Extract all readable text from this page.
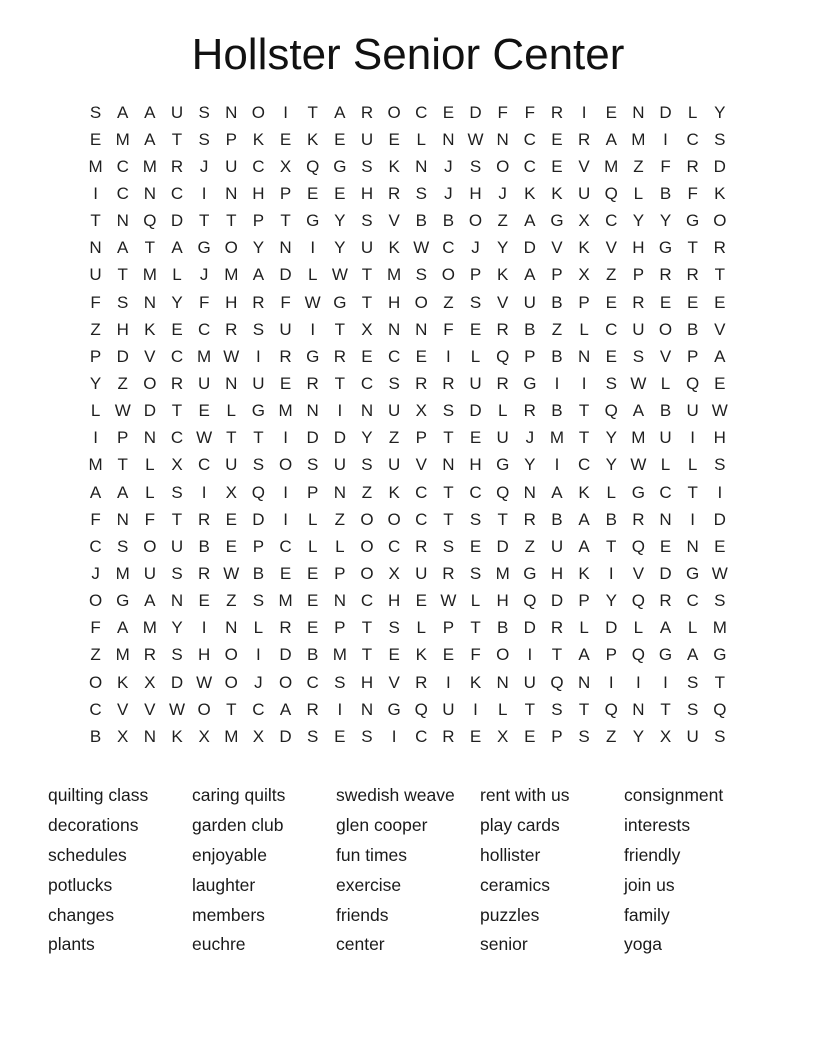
Hollster Senior Center
S A A U S N O	I	T A R O C E D F F R	I	E N D L Y
E M A T S P K E K E U E L N W N C E R A M	I	C S
M C M R J U C X Q G S K N J	S O C E V M Z F R D
I	C N C	I	N H P E E H R S	J H J	K K U Q L B F K
T N Q D T T P T G Y S V B B O Z A G X C Y Y G O
N A T A G O Y N	I	Y U K W C J	Y D V K V H G T R
U T M L	J M A D L W T M S O P K A P X Z P R R T
F S N Y F H R F W G T H O Z S V U B P E R E E E
Z H K E C R S U	I	T X N N F E R B Z	L C U O B V
P D V C M W I	R G R E C E	I	L Q P B N E S V P A
Y Z O R U N U E R T C S R R U R G	I	I	S W L Q E
L W D T E L G M N	I	N U X S D L R B T Q A B U W
I	P N C W T T	I	D D Y Z P T E U J M T Y M U	I	H
M T	L X C U S O S U S U V N H G Y	I	C Y W L	L S
A A L S	I	X Q	I	P N Z K C T C Q N A K L G C T	I
F N F T R E D	I	L	Z O O C T S T R B A B R N	I	D
C S O U B E P C L	L O C R S E D Z U A T Q E N E
J M U S R W B E E P O X U R S M G H K	I	V D G W
O G A N E Z S M E N C H E W L H Q D P Y Q R C S
F A M Y	I	N L R E P T S L P T B D R L D L A L M
Z M R S H O	I	D B M T E K E F O	I	T A P Q G A G
O K X D W O J O C S H V R	I	K N U Q N	I	I	I	S T
C V V W O T C A R	I	N G Q U	I	L	T S T Q N T S Q
B X N K X M X D S E S	I	C R E X E P S Z Y X U S
quilting class
decorations
schedules
potlucks
changes
plants
caring quilts
garden club
enjoyable
laughter
members
euchre
swedish weave
glen cooper
fun times
exercise
friends
center
rent with us
play cards
hollister
ceramics
puzzles
senior
consignment
interests
friendly
join us
family
yoga
